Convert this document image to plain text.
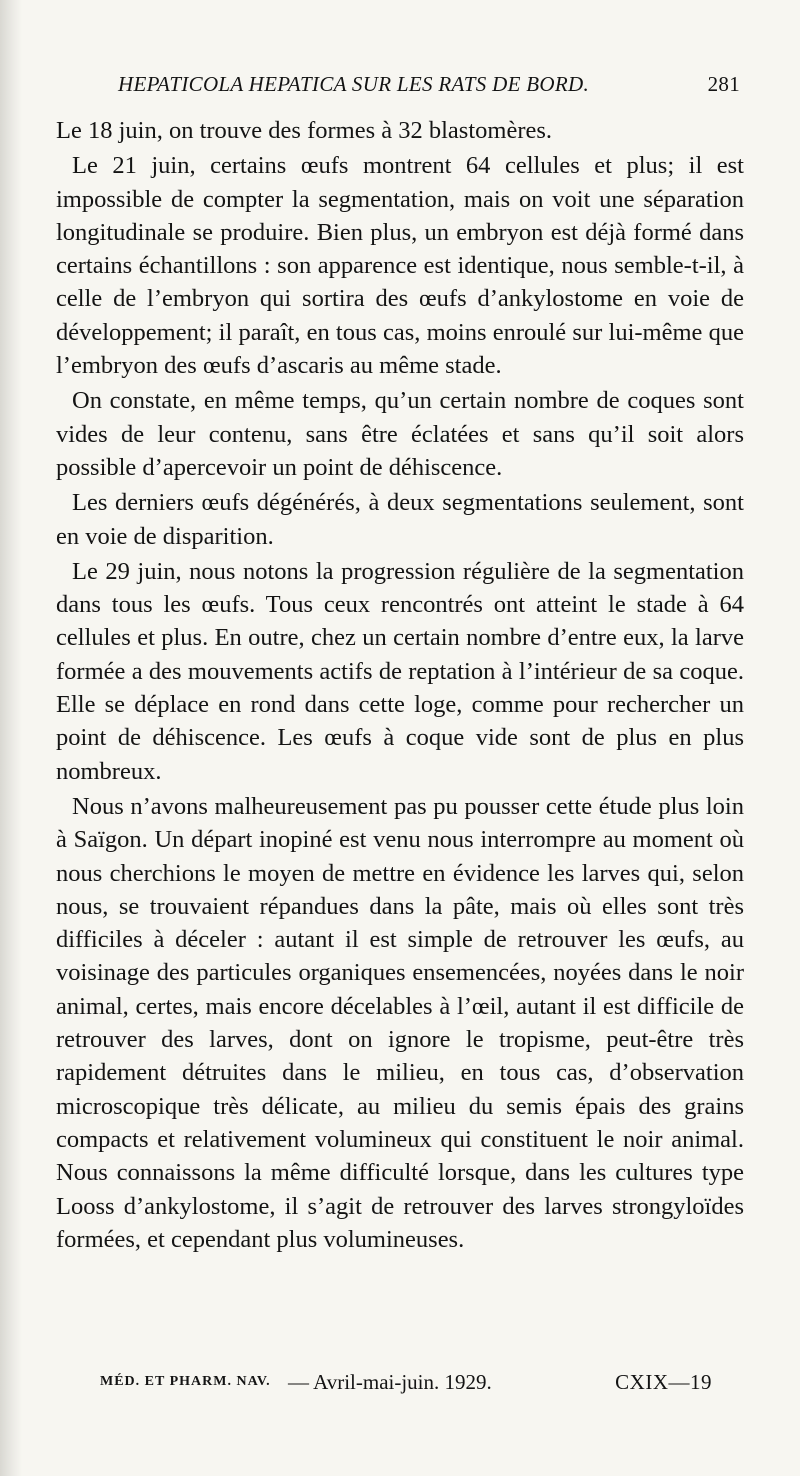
HEPATICOLA HEPATICA SUR LES RATS DE BORD.	281

Le 18 juin, on trouve des formes à 32 blastomères.

Le 21 juin, certains œufs montrent 64 cellules et plus; il est impossible de compter la segmentation, mais on voit une séparation longitudinale se produire. Bien plus, un embryon est déjà formé dans certains échantillons : son apparence est identique, nous semble-t-il, à celle de l’embryon qui sortira des œufs d’ankylostome en voie de développement; il paraît, en tous cas, moins enroulé sur lui-même que l’embryon des œufs d’ascaris au même stade.

On constate, en même temps, qu’un certain nombre de coques sont vides de leur contenu, sans être éclatées et sans qu’il soit alors possible d’apercevoir un point de déhiscence.

Les derniers œufs dégénérés, à deux segmentations seulement, sont en voie de disparition.

Le 29 juin, nous notons la progression régulière de la segmentation dans tous les œufs. Tous ceux rencontrés ont atteint le stade à 64 cellules et plus. En outre, chez un certain nombre d’entre eux, la larve formée a des mouvements actifs de reptation à l’intérieur de sa coque. Elle se déplace en rond dans cette loge, comme pour rechercher un point de déhiscence. Les œufs à coque vide sont de plus en plus nombreux.

Nous n’avons malheureusement pas pu pousser cette étude plus loin à Saïgon. Un départ inopiné est venu nous interrompre au moment où nous cherchions le moyen de mettre en évidence les larves qui, selon nous, se trouvaient répandues dans la pâte, mais où elles sont très difficiles à déceler : autant il est simple de retrouver les œufs, au voisinage des particules organiques ensemencées, noyées dans le noir animal, certes, mais encore décelables à l’œil, autant il est difficile de retrouver des larves, dont on ignore le tropisme, peut-être très rapidement détruites dans le milieu, en tous cas, d’observation microscopique très délicate, au milieu du semis épais des grains compacts et relativement volumineux qui constituent le noir animal. Nous connaissons la même difficulté lorsque, dans les cultures type Looss d’ankylostome, il s’agit de retrouver des larves strongyloïdes formées, et cependant plus volumineuses.

MÉD. ET PHARM. NAV. — Avril-mai-juin. 1929.	CXIX—19
